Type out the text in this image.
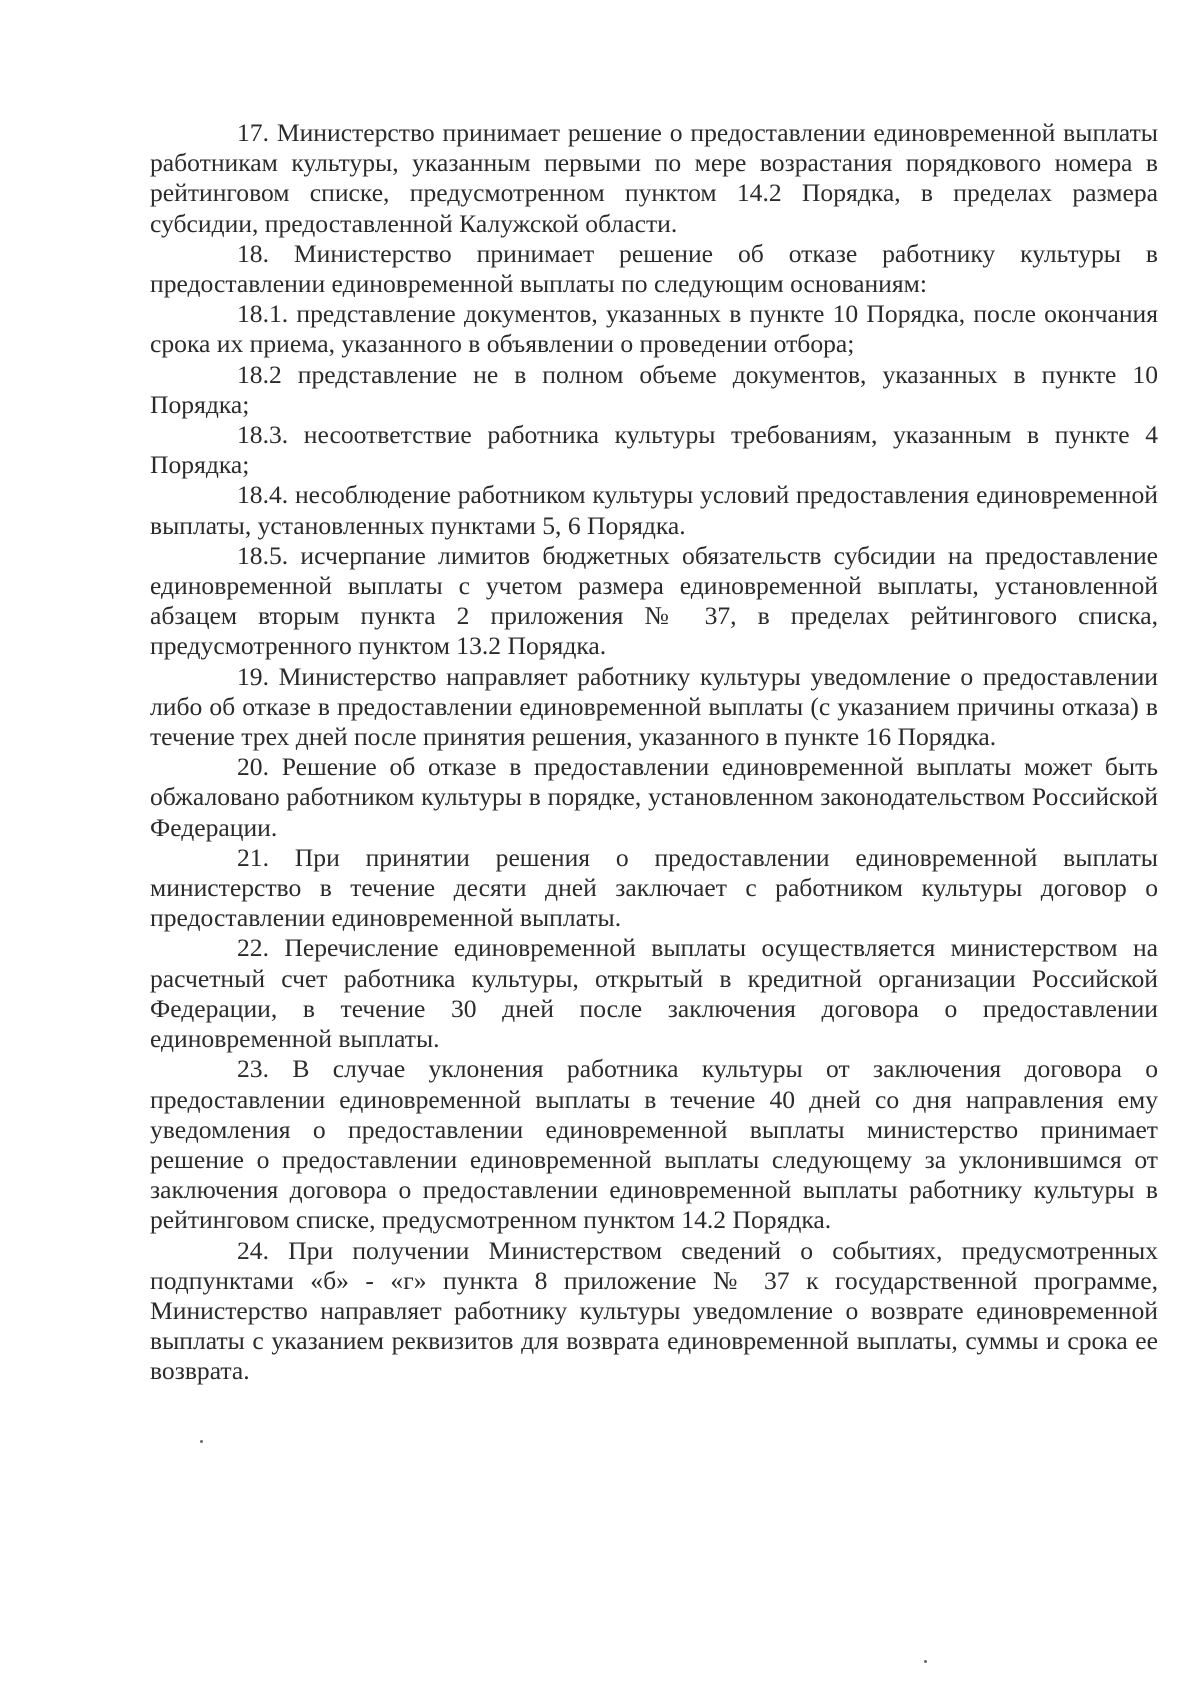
17. Министерство принимает решение о предоставлении единовременной выплаты работникам культуры, указанным первыми по мере возрастания порядкового номера в рейтинговом списке, предусмотренном пунктом 14.2 Порядка, в пределах размера субсидии, предоставленной Калужской области.

18. Министерство принимает решение об отказе работнику культуры в предоставлении единовременной выплаты по следующим основаниям:

18.1. представление документов, указанных в пункте 10 Порядка, после окончания срока их приема, указанного в объявлении о проведении отбора;

18.2 представление не в полном объеме документов, указанных в пункте 10 Порядка;

18.3. несоответствие работника культуры требованиям, указанным в пункте 4 Порядка;

18.4. несоблюдение работником культуры условий предоставления единовременной выплаты, установленных пунктами 5, 6 Порядка.

18.5. исчерпание лимитов бюджетных обязательств субсидии на предоставление единовременной выплаты с учетом размера единовременной выплаты, установленной абзацем вторым пункта 2 приложения № 37, в пределах рейтингового списка, предусмотренного пунктом 13.2 Порядка.

19. Министерство направляет работнику культуры уведомление о предоставлении либо об отказе в предоставлении единовременной выплаты (с указанием причины отказа) в течение трех дней после принятия решения, указанного в пункте 16 Порядка.

20. Решение об отказе в предоставлении единовременной выплаты может быть обжаловано работником культуры в порядке, установленном законодательством Российской Федерации.

21. При принятии решения о предоставлении единовременной выплаты министерство в течение десяти дней заключает с работником культуры договор о предоставлении единовременной выплаты.

22. Перечисление единовременной выплаты осуществляется министерством на расчетный счет работника культуры, открытый в кредитной организации Российской Федерации, в течение 30 дней после заключения договора о предоставлении единовременной выплаты.

23. В случае уклонения работника культуры от заключения договора о предоставлении единовременной выплаты в течение 40 дней со дня направления ему уведомления о предоставлении единовременной выплаты министерство принимает решение о предоставлении единовременной выплаты следующему за уклонившимся от заключения договора о предоставлении единовременной выплаты работнику культуры в рейтинговом списке, предусмотренном пунктом 14.2 Порядка.

24. При получении Министерством сведений о событиях, предусмотренных подпунктами «б» - «г» пункта 8 приложение № 37 к государственной программе, Министерство направляет работнику культуры уведомление о возврате единовременной выплаты с указанием реквизитов для возврата единовременной выплаты, суммы и срока ее возврата.
